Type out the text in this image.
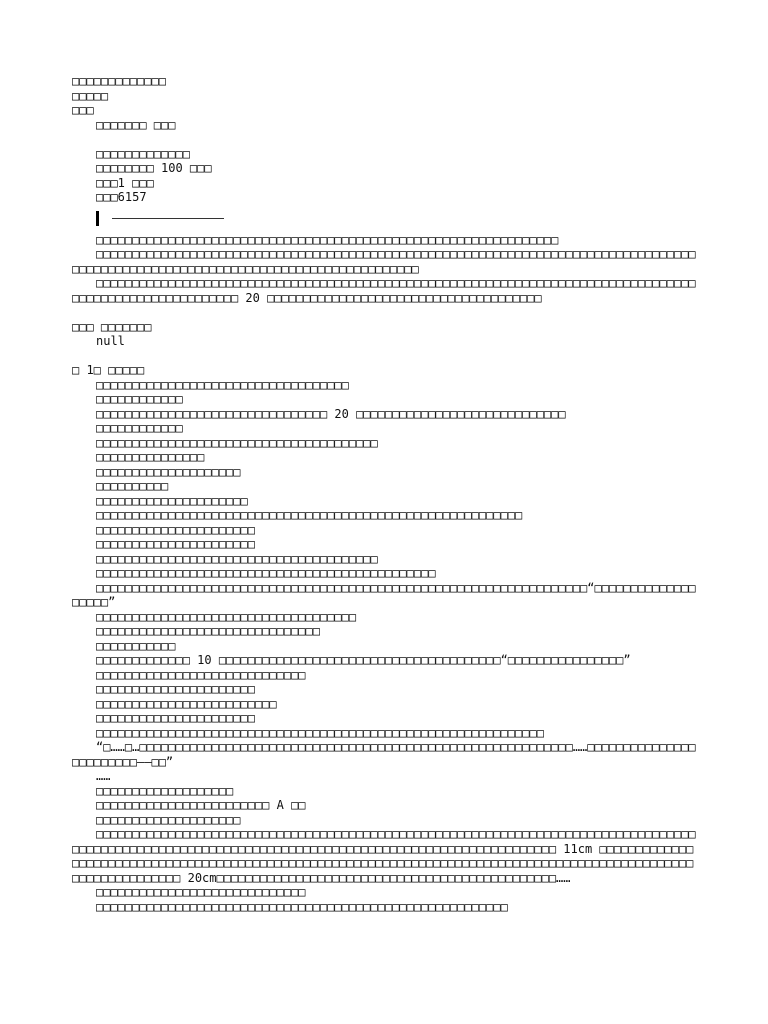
□□□□□□□□□□□□□

□□□□□

□□□

□□□□□□□ □□□

□□□□□□□□□□□□□

□□□□□□□□ 100 □□□

□□□1 □□□

□□□6157

□□□□□□□□□□□□□□□□□□□□□□□□□□□□□□□□□□□□□□□□□□□□□□□□□□□□□□□□□□□□□□□□

□□□□□□□□□□□□□□□□□□□□□□□□□□□□□□□□□□□□□□□□□□□□□□□□□□□□□□□□□□□□□□□□□□□□□□□□□□□□□□□□□□□□□□□□□□□□□□□□□□□□□□□□□□□□□□□□□□□□□□□□□□□□□□□□□□□

□□□□□□□□□□□□□□□□□□□□□□□□□□□□□□□□□□□□□□□□□□□□□□□□□□□□□□□□□□□□□□□□□□□□□□□□□□□□□□□□□□□□□□□□□□□□□□□□□□□□□□□□□□ 20 □□□□□□□□□□□□□□□□□□□□□□□□□□□□□□□□□□□□□□

□□□ □□□□□□□

null

□ 1□ □□□□□

□□□□□□□□□□□□□□□□□□□□□□□□□□□□□□□□□□□

□□□□□□□□□□□□

□□□□□□□□□□□□□□□□□□□□□□□□□□□□□□□□ 20 □□□□□□□□□□□□□□□□□□□□□□□□□□□□□

□□□□□□□□□□□□

□□□□□□□□□□□□□□□□□□□□□□□□□□□□□□□□□□□□□□□

□□□□□□□□□□□□□□□

□□□□□□□□□□□□□□□□□□□□

□□□□□□□□□□

□□□□□□□□□□□□□□□□□□□□□

□□□□□□□□□□□□□□□□□□□□□□□□□□□□□□□□□□□□□□□□□□□□□□□□□□□□□□□□□□□

□□□□□□□□□□□□□□□□□□□□□□

□□□□□□□□□□□□□□□□□□□□□□

□□□□□□□□□□□□□□□□□□□□□□□□□□□□□□□□□□□□□□□

□□□□□□□□□□□□□□□□□□□□□□□□□□□□□□□□□□□□□□□□□□□□□□□

□□□□□□□□□□□□□□□□□□□□□□□□□□□□□□□□□□□□□□□□□□□□□□□□□□□□□□□□□□□□□□□□□□□□“□□□□□□□□□□□□□□□□□□□”

□□□□□□□□□□□□□□□□□□□□□□□□□□□□□□□□□□□□

□□□□□□□□□□□□□□□□□□□□□□□□□□□□□□□

□□□□□□□□□□□

□□□□□□□□□□□□□ 10 □□□□□□□□□□□□□□□□□□□□□□□□□□□□□□□□□□□□□□□“□□□□□□□□□□□□□□□□”

□□□□□□□□□□□□□□□□□□□□□□□□□□□□□

□□□□□□□□□□□□□□□□□□□□□□

□□□□□□□□□□□□□□□□□□□□□□□□□

□□□□□□□□□□□□□□□□□□□□□□

□□□□□□□□□□□□□□□□□□□□□□□□□□□□□□□□□□□□□□□□□□□□□□□□□□□□□□□□□□□□□□

“□……□…□□□□□□□□□□□□□□□□□□□□□□□□□□□□□□□□□□□□□□□□□□□□□□□□□□□□□□□□□□□□……□□□□□□□□□□□□□□□□□□□□□□□□——□□”

……

□□□□□□□□□□□□□□□□□□□

□□□□□□□□□□□□□□□□□□□□□□□□ A □□

□□□□□□□□□□□□□□□□□□□□

□□□□□□□□□□□□□□□□□□□□□□□□□□□□□□□□□□□□□□□□□□□□□□□□□□□□□□□□□□□□□□□□□□□□□□□□□□□□□□□□□□□□□□□□□□□□□□□□□□□□□□□□□□□□□□□□□□□□□□□□□□□□□□□□□□□□□□□□□□□□□□□□□□□□□□ 11cm □□□□□□□□□□□□□□□□□□□□□□□□□□□□□□□□□□□□□□□□□□□□□□□□□□□□□□□□□□□□□□□□□□□□□□□□□□□□□□□□□□□□□□□□□□□□□□□□□□□□□□□□□□□□□□□□□□ 20cm□□□□□□□□□□□□□□□□□□□□□□□□□□□□□□□□□□□□□□□□□□□□□□□……

□□□□□□□□□□□□□□□□□□□□□□□□□□□□□

□□□□□□□□□□□□□□□□□□□□□□□□□□□□□□□□□□□□□□□□□□□□□□□□□□□□□□□□□
